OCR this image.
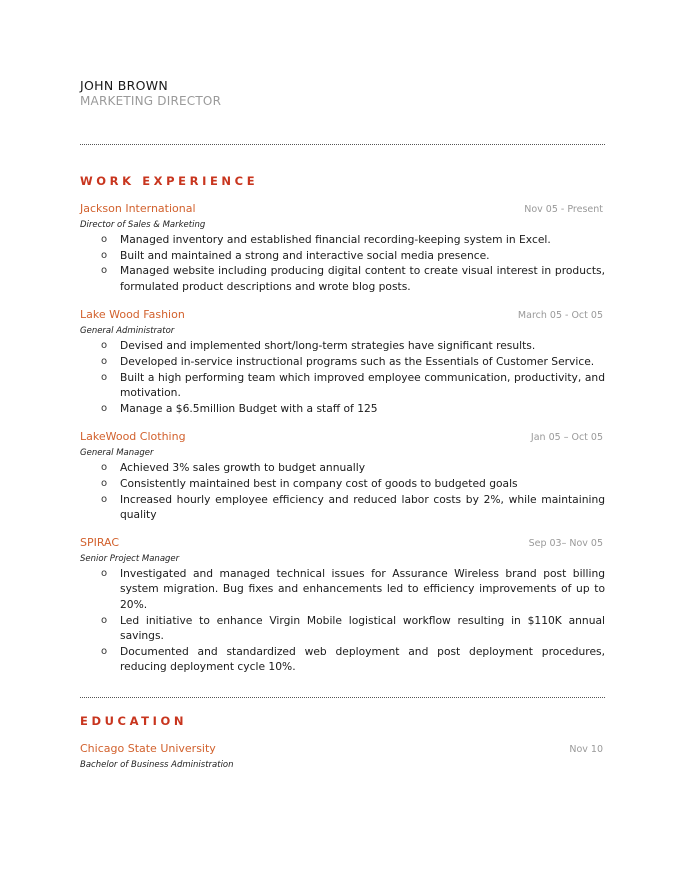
JOHN BROWN
MARKETING DIRECTOR
WORK EXPERIENCE
Jackson International	Nov 05 - Present
Director of Sales & Marketing
o Managed inventory and established financial recording-keeping system in Excel.
o Built and maintained a strong and interactive social media presence.
o Managed website including producing digital content to create visual interest in products, formulated product descriptions and wrote blog posts.
Lake Wood Fashion	March 05 - Oct 05
General Administrator
o Devised and implemented short/long-term strategies have significant results.
o Developed in-service instructional programs such as the Essentials of Customer Service.
o Built a high performing team which improved employee communication, productivity, and motivation.
o Manage a $6.5million Budget with a staff of 125
LakeWood Clothing	Jan 05 – Oct 05
General Manager
o Achieved 3% sales growth to budget annually
o Consistently maintained best in company cost of goods to budgeted goals
o Increased hourly employee efficiency and reduced labor costs by 2%, while maintaining quality
SPIRAC	Sep 03– Nov 05
Senior Project Manager
o Investigated and managed technical issues for Assurance Wireless brand post billing system migration. Bug fixes and enhancements led to efficiency improvements of up to 20%.
o Led initiative to enhance Virgin Mobile logistical workflow resulting in $110K annual savings.
o Documented and standardized web deployment and post deployment procedures, reducing deployment cycle 10%.
EDUCATION
Chicago State University	Nov 10
Bachelor of Business Administration
